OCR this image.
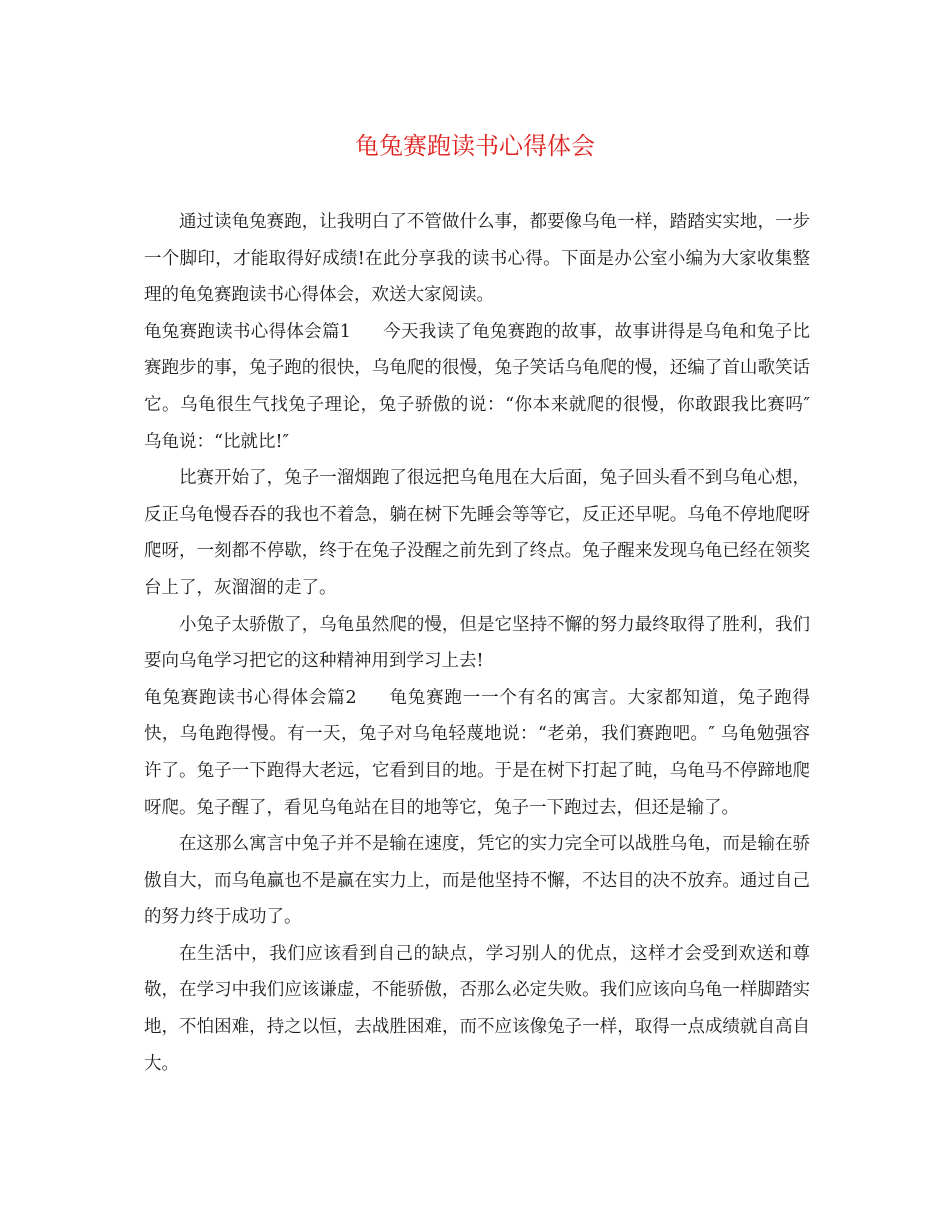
龟兔赛跑读书心得体会

通过读龟兔赛跑，让我明白了不管做什么事，都要像乌龟一样，踏踏实实地，一步一个脚印，才能取得好成绩!在此分享我的读书心得。下面是办公室小编为大家收集整理的龟兔赛跑读书心得体会，欢送大家阅读。

龟兔赛跑读书心得体会篇1 今天我读了龟兔赛跑的故事，故事讲得是乌龟和兔子比赛跑步的事，兔子跑的很快，乌龟爬的很慢，兔子笑话乌龟爬的慢，还编了首山歌笑话它。乌龟很生气找兔子理论，兔子骄傲的说：“你本来就爬的很慢，你敢跟我比赛吗″ 乌龟说：“比就比!″

比赛开始了，兔子一溜烟跑了很远把乌龟甩在大后面，兔子回头看不到乌龟心想，反正乌龟慢吞吞的我也不着急，躺在树下先睡会等等它，反正还早呢。乌龟不停地爬呀爬呀，一刻都不停歇，终于在兔子没醒之前先到了终点。兔子醒来发现乌龟已经在领奖台上了，灰溜溜的走了。

小兔子太骄傲了，乌龟虽然爬的慢，但是它坚持不懈的努力最终取得了胜利，我们要向乌龟学习把它的这种精神用到学习上去!

龟兔赛跑读书心得体会篇2 龟兔赛跑一一个有名的寓言。大家都知道，兔子跑得快，乌龟跑得慢。有一天，兔子对乌龟轻蔑地说：“老弟，我们赛跑吧。″ 乌龟勉强容许了。兔子一下跑得大老远，它看到目的地。于是在树下打起了盹，乌龟马不停蹄地爬呀爬。兔子醒了，看见乌龟站在目的地等它，兔子一下跑过去，但还是输了。

在这那么寓言中兔子并不是输在速度，凭它的实力完全可以战胜乌龟，而是输在骄傲自大，而乌龟赢也不是赢在实力上，而是他坚持不懈，不达目的决不放弃。通过自己的努力终于成功了。

在生活中，我们应该看到自己的缺点，学习别人的优点，这样才会受到欢送和尊敬，在学习中我们应该谦虚，不能骄傲，否那么必定失败。我们应该向乌龟一样脚踏实地，不怕困难，持之以恒，去战胜困难，而不应该像兔子一样，取得一点成绩就自高自大。
